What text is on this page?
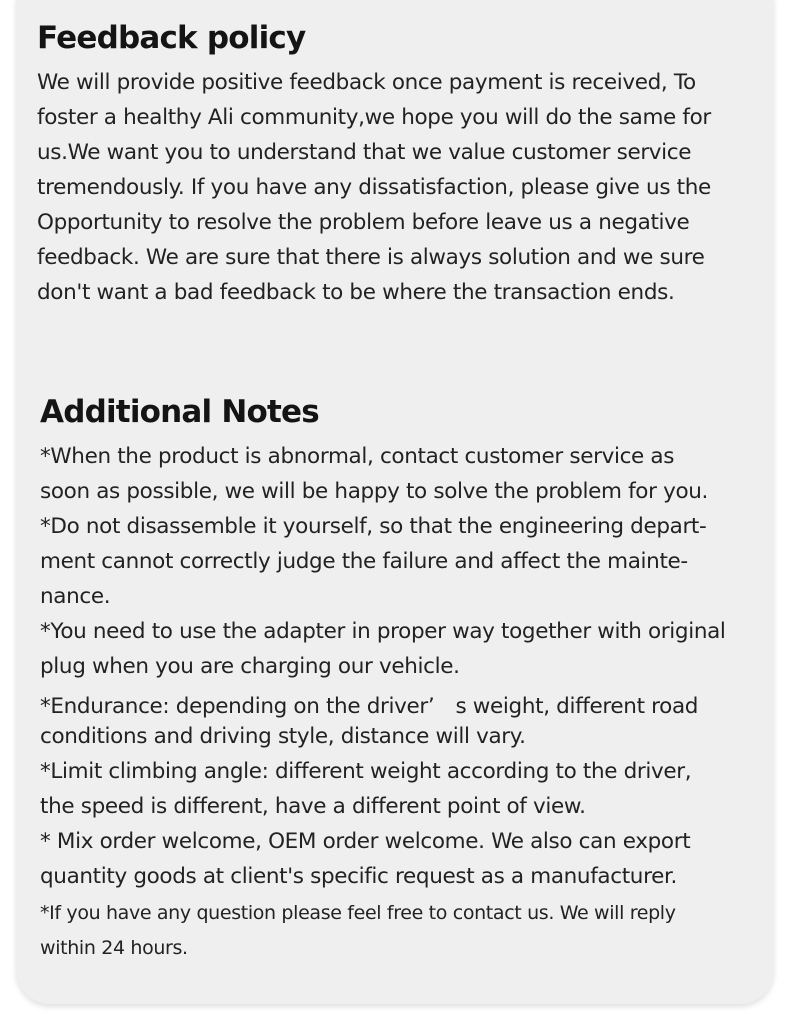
Feedback policy

We will provide positive feedback once payment is received, To

foster a healthy Ali community,we hope you will do the same for

us.We want you to understand that we value customer service

tremendously. If you have any dissatisfaction, please give us the

Opportunity to resolve the problem before leave us a negative

feedback. We are sure that there is always solution and we sure

don't want a bad feedback to be where the transaction ends.

Additional Notes

*When the product is abnormal, contact customer service as

soon as possible, we will be happy to solve the problem for you.

*Do not disassemble it yourself, so that the engineering depart-

ment cannot correctly judge the failure and affect the mainte-

nance.

*You need to use the adapter in proper way together with original

plug when you are charging our vehicle.

*Endurance: depending on the driver’　s weight, different road

conditions and driving style, distance will vary.

*Limit climbing angle: different weight according to the driver,

the speed is different, have a different point of view.

* Mix order welcome, OEM order welcome. We also can export

quantity goods at client's specific request as a manufacturer.

*If you have any question please feel free to contact us. We will reply

within 24 hours.
